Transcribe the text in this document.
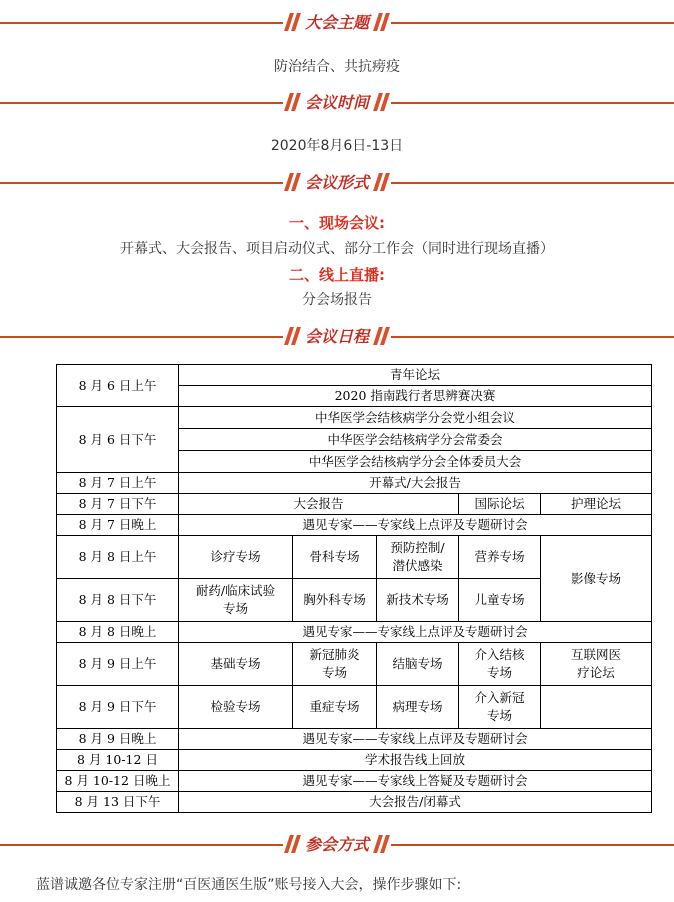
大会主题
防治结合、共抗痨疫
会议时间
2020年8月6日-13日
会议形式
一、现场会议:
开幕式、大会报告、项目启动仪式、部分工作会（同时进行现场直播）
二、线上直播:
分会场报告
会议日程
8 月 6 日上午	青年论坛				
	2020 指南践行者思辨赛决赛				
8 月 6 日下午	中华医学会结核病学分会党小组会议				
	中华医学会结核病学分会常委会				
	中华医学会结核病学分会全体委员大会				
8 月 7 日上午	开幕式/大会报告				
8 月 7 日下午	大会报告			国际论坛	护理论坛
8 月 7 日晚上	遇见专家——专家线上点评及专题研讨会				
8 月 8 日上午	诊疗专场	骨科专场	预防控制/
潜伏感染	营养专场	影像专场
8 月 8 日下午	耐药/临床试验
专场	胸外科专场	新技术专场	儿童专场	
8 月 8 日晚上	遇见专家——专家线上点评及专题研讨会				
8 月 9 日上午	基础专场	新冠肺炎
专场	结脑专场	介入结核
专场	互联网医
疗论坛
8 月 9 日下午	检验专场	重症专场	病理专场	介入新冠
专场	
8 月 9 日晚上	遇见专家——专家线上点评及专题研讨会				
8 月 10-12 日	学术报告线上回放				
8 月 10-12 日晚上	遇见专家——专家线上答疑及专题研讨会				
8 月 13 日下午	大会报告/闭幕式				
参会方式
蓝谱诚邀各位专家注册“百医通医生版”账号接入大会，操作步骤如下:
